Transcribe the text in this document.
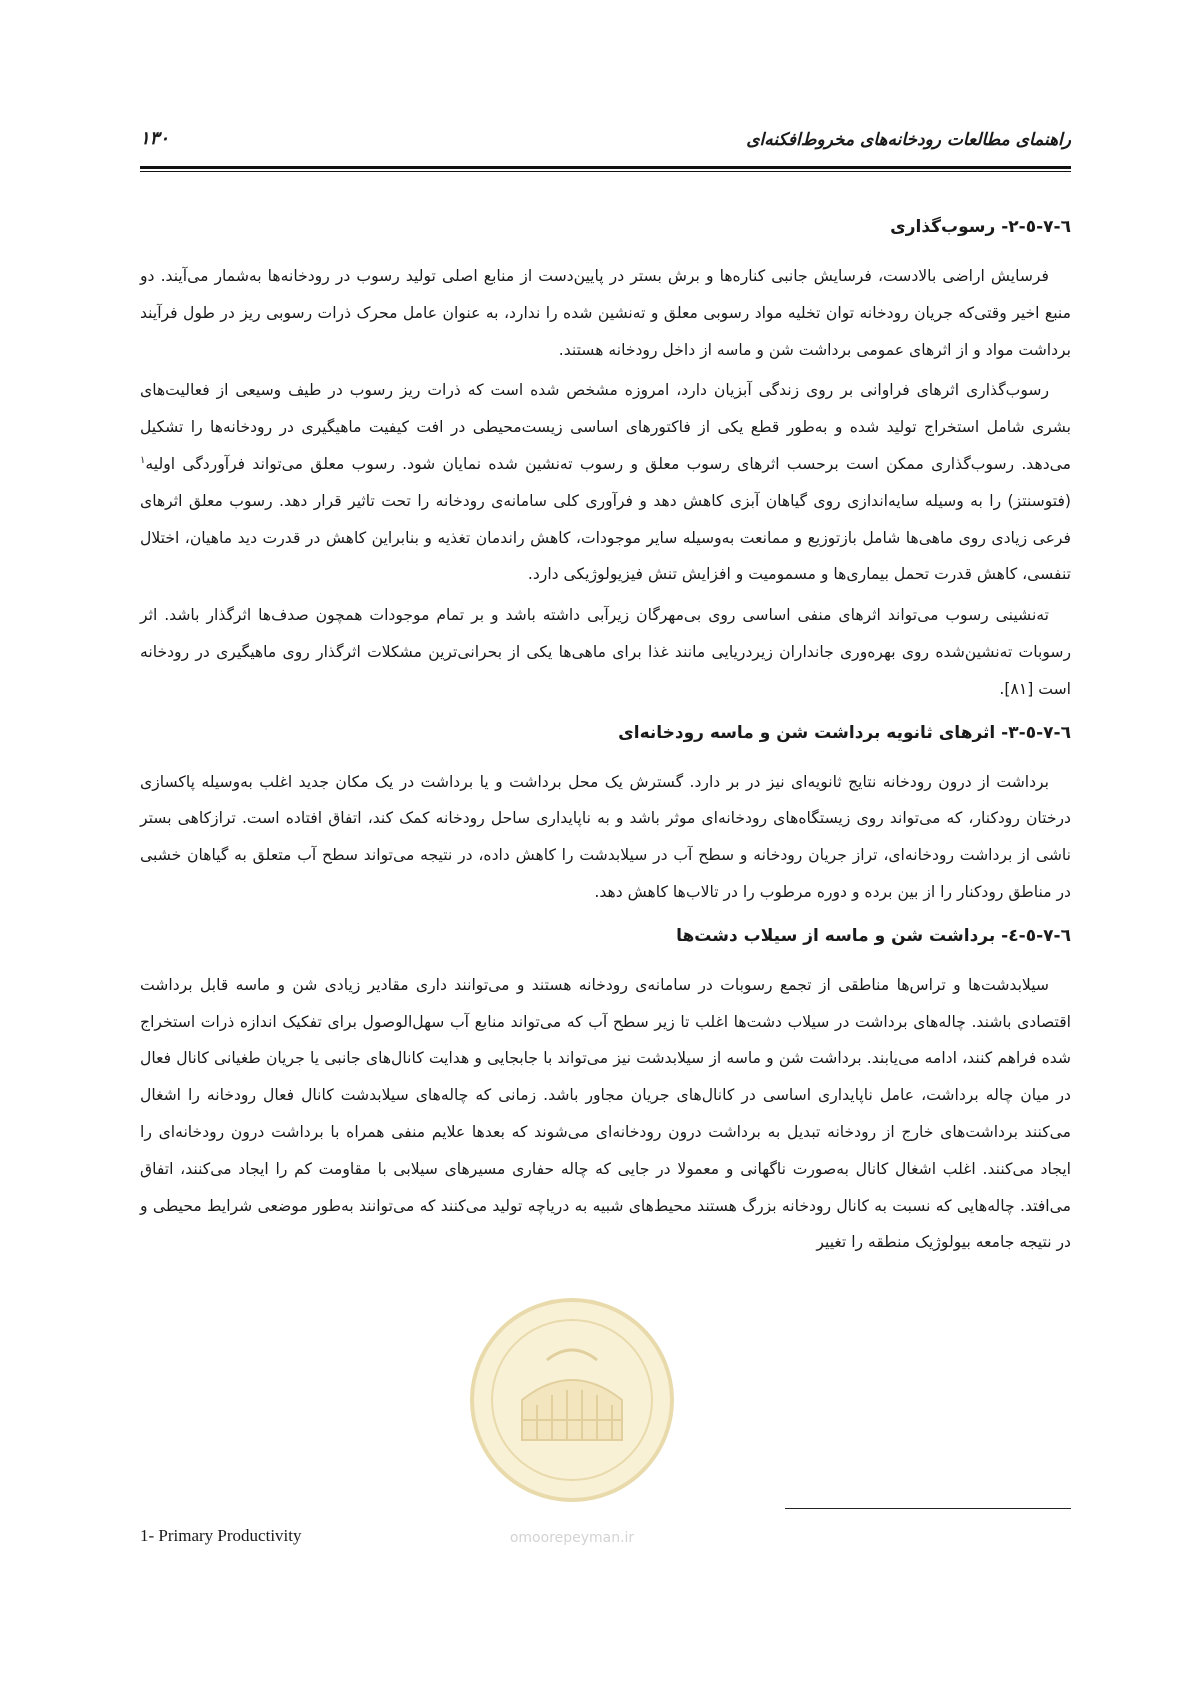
راهنمای مطالعات رودخانه‌های مخروط‌افکنه‌ای
۱۳۰
٦-٧-٥-٢- رسوب‌گذاری

فرسایش اراضی بالادست، فرسایش جانبی کناره‌ها و برش بستر در پایین‌دست از منابع اصلی تولید رسوب در رودخانه‌ها به‌شمار می‌آیند. دو منبع اخیر وقتی‌که جریان رودخانه توان تخلیه مواد رسوبی معلق و ته‌نشین شده را ندارد، به عنوان عامل محرک ذرات رسوبی ریز در طول فرآیند برداشت مواد و از اثرهای عمومی برداشت شن و ماسه از داخل رودخانه هستند.

رسوب‌گذاری اثرهای فراوانی بر روی زندگی آبزیان دارد، امروزه مشخص شده است که ذرات ریز رسوب در طیف وسیعی از فعالیت‌های بشری شامل استخراج تولید شده و به‌طور قطع یکی از فاکتورهای اساسی زیست‌محیطی در افت کیفیت ماهیگیری در رودخانه‌ها را تشکیل می‌دهد. رسوب‌گذاری ممکن است برحسب اثرهای رسوب معلق و رسوب ته‌نشین شده نمایان شود. رسوب معلق می‌تواند فرآوردگی اولیه$^۱$ (فتوسنتز) را به وسیله سایه‌اندازی روی گیاهان آبزی کاهش دهد و فرآوری کلی سامانه‌ی رودخانه را تحت تاثیر قرار دهد. رسوب معلق اثرهای فرعی زیادی روی ماهی‌ها شامل بازتوزیع و ممانعت به‌وسیله سایر موجودات، کاهش راندمان تغذیه و بنابراین کاهش در قدرت دید ماهیان، اختلال تنفسی، کاهش قدرت تحمل بیماری‌ها و مسمومیت و افزایش تنش فیزیولوژیکی دارد.

ته‌نشینی رسوب می‌تواند اثرهای منفی اساسی روی بی‌مهرگان زیرآبی داشته باشد و بر تمام موجودات همچون صدف‌ها اثرگذار باشد. اثر رسوبات ته‌نشین‌شده روی بهره‌وری جانداران زیردریایی مانند غذا برای ماهی‌ها یکی از بحرانی‌ترین مشکلات اثرگذار روی ماهیگیری در رودخانه است [۸۱].

٦-٧-٥-٣- اثرهای ثانویه برداشت شن و ماسه رودخانه‌ای

برداشت از درون رودخانه نتایج ثانویه‌ای نیز در بر دارد. گسترش یک محل برداشت و یا برداشت در یک مکان جدید اغلب به‌وسیله پاکسازی درختان رودکنار، که می‌تواند روی زیستگاه‌های رودخانه‌ای موثر باشد و به ناپایداری ساحل رودخانه کمک کند، اتفاق افتاده است. ترازکاهی بستر ناشی از برداشت رودخانه‌ای، تراز جریان رودخانه و سطح آب در سیلابدشت را کاهش داده، در نتیجه می‌تواند سطح آب متعلق به گیاهان خشبی در مناطق رودکنار را از بین برده و دوره مرطوب را در تالاب‌ها کاهش دهد.

٦-٧-٥-٤- برداشت شن و ماسه از سیلاب دشت‌ها

سیلابدشت‌ها و تراس‌ها مناطقی از تجمع رسوبات در سامانه‌ی رودخانه هستند و می‌توانند داری مقادیر زیادی شن و ماسه قابل برداشت اقتصادی باشند. چاله‌های برداشت در سیلاب دشت‌ها اغلب تا زیر سطح آب که می‌تواند منابع آب سهل‌الوصول برای تفکیک اندازه ذرات استخراج شده فراهم کنند، ادامه می‌یابند. برداشت شن و ماسه از سیلابدشت نیز می‌تواند با جابجایی و هدایت کانال‌های جانبی یا جریان طغیانی کانال فعال در میان چاله برداشت، عامل ناپایداری اساسی در کانال‌های جریان مجاور باشد. زمانی که چاله‌های سیلابدشت کانال فعال رودخانه را اشغال می‌کنند برداشت‌های خارج از رودخانه تبدیل به برداشت درون رودخانه‌ای می‌شوند که بعدها علایم منفی همراه با برداشت درون رودخانه‌ای را ایجاد می‌کنند. اغلب اشغال کانال به‌صورت ناگهانی و معمولا در جایی که چاله حفاری مسیرهای سیلابی با مقاومت کم را ایجاد می‌کنند، اتفاق می‌افتد. چاله‌هایی که نسبت به کانال رودخانه بزرگ هستند محیط‌های شبیه به دریاچه تولید می‌کنند که می‌توانند به‌طور موضعی شرایط محیطی و در نتیجه جامعه بیولوژیک منطقه را تغییر

omoorepeyman.ir
1- Primary Productivity
